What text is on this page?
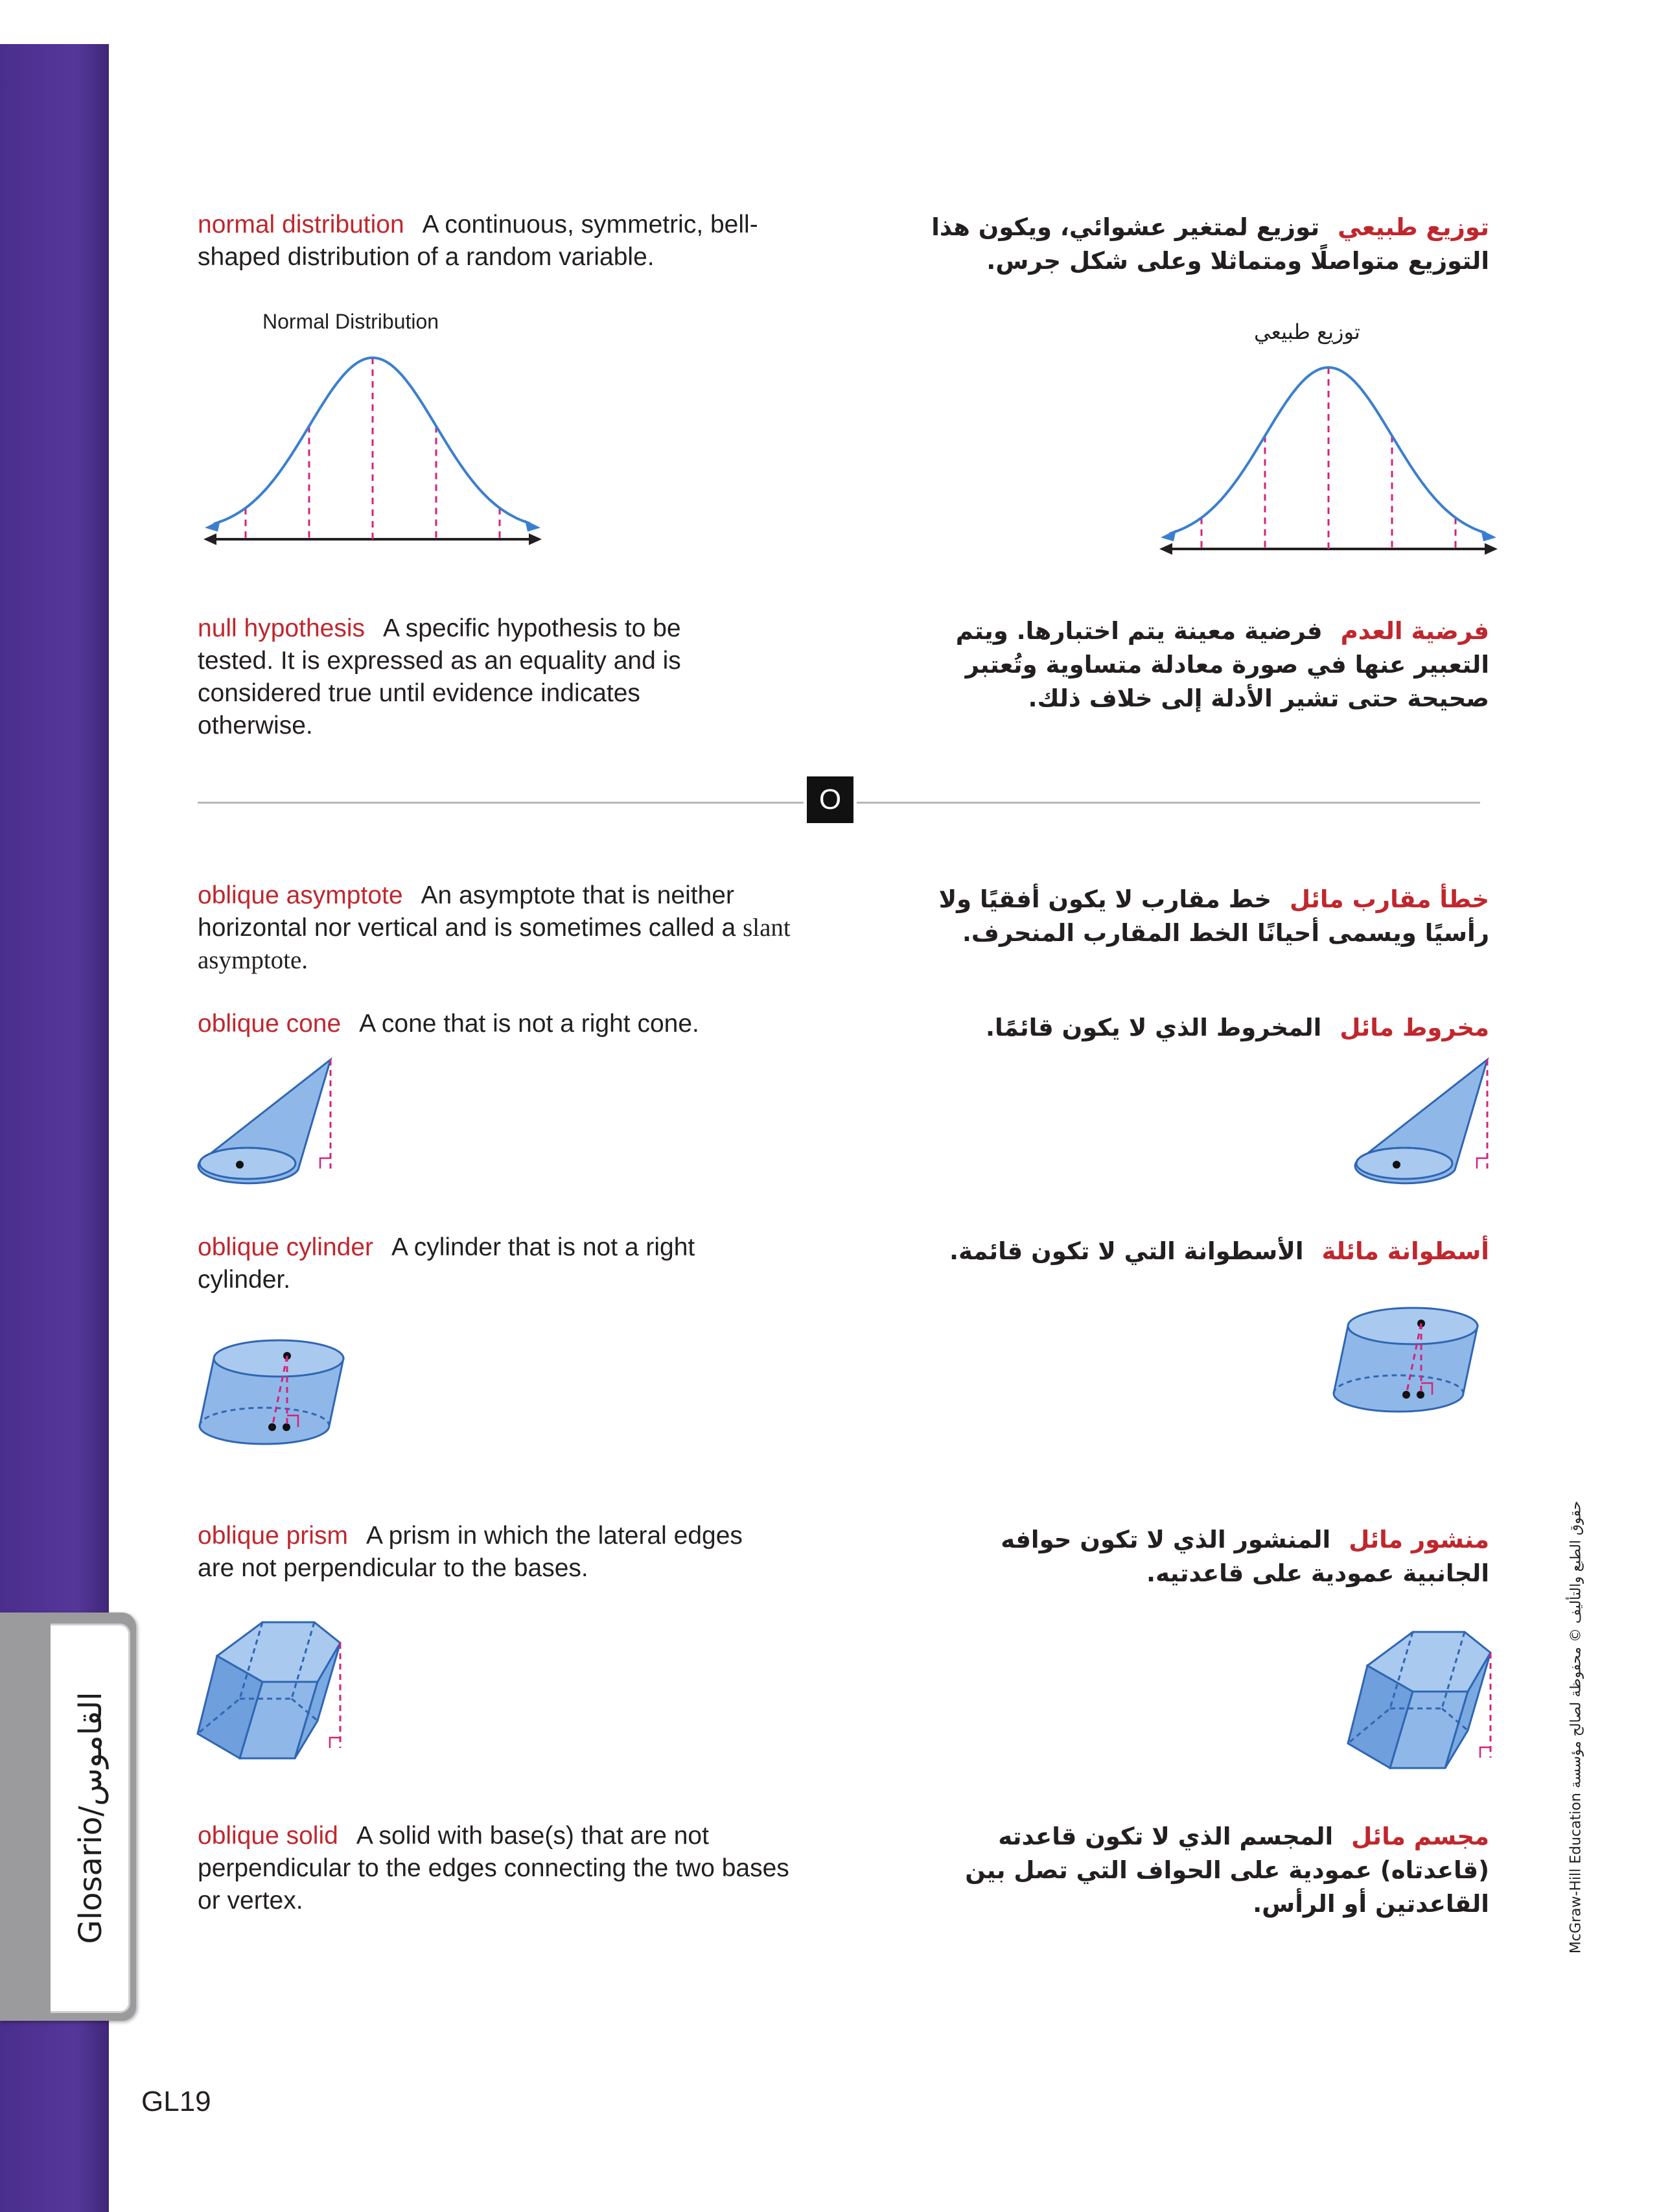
Glosario/القاموس
GL19
حقوق الطبع والتأليف © محفوظة لصالح مؤسسة McGraw-Hill Education
normal distribution A continuous, symmetric, bell-shaped distribution of a random variable.
توزيع طبيعيتوزيع لمتغير عشوائي، ويكون هذا التوزيع متواصلًا ومتماثلا وعلى شكل جرس.
Normal Distribution	توزيع طبيعي
null hypothesis A specific hypothesis to be tested. It is expressed as an equality and is considered true until evidence indicates otherwise.
فرضية العدمفرضية معينة يتم اختبارها. ويتم التعبير عنها في صورة معادلة متساوية وتُعتبر صحيحة حتى تشير الأدلة إلى خلاف ذلك.
O
oblique asymptote An asymptote that is neither horizontal nor vertical and is sometimes called a slant asymptote.
خطأ مقارب مائلخط مقارب لا يكون أفقيًا ولا رأسيًا ويسمى أحيانًا الخط المقارب المنحرف.
oblique cone A cone that is not a right cone.	مخروط مائلالمخروط الذي لا يكون قائمًا.
oblique cylinder A cylinder that is not a right cylinder.
أسطوانة مائلةالأسطوانة التي لا تكون قائمة.
oblique prism A prism in which the lateral edges are not perpendicular to the bases.
منشور مائلالمنشور الذي لا تكون حوافه الجانبية عمودية على قاعدتيه.
oblique solid A solid with base(s) that are not perpendicular to the edges connecting the two bases or vertex.
مجسم مائلالمجسم الذي لا تكون قاعدته (قاعدتاه) عمودية على الحواف التي تصل بين القاعدتين أو الرأس.
